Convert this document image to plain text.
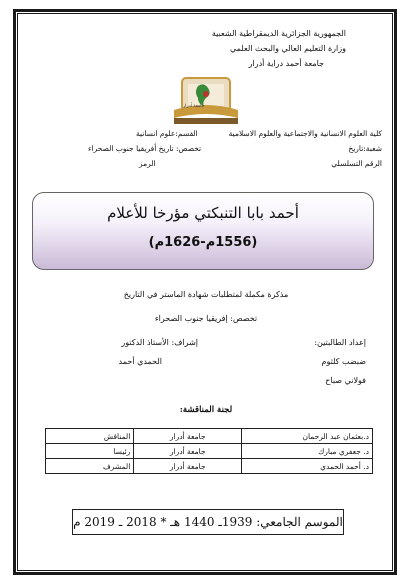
الجمهورية الجزائرية الديمقراطية الشعبية
وزارة التعليم العالي والبحث العلمي
جامعة أحمد دراية أدرار
جامعة أدرار
كلية العلوم الانسانية والاجتماعية والعلوم الاسلامية
القسم:علوم انسانية
شعبة:تاريخ
تخصص: تاريخ أفريقيا جنوب الصحراء
الرقم التسلسلي
الرمز
أحمد بابا التنبكتي مؤرخا للأعلام
(1556م-1626م)
مذكرة مكملة لمتطلبات شهادة الماستر في التاريخ
تخصص: إفريقيا جنوب الصحراء
إعداد الطالبتين:
إشراف: الأستاذ الدكتور
ضبضب كلثوم
الحمدي أحمد
فولاني صباح
لجنة المناقشة:
د.بعثمان عبد الرحمان	جامعة أدرار	المناقش
د. جعفري مبارك	جامعة أدرار	رئيسا
د. أحمد الحمدي	جامعة أدرار	المشرف
الموسم الجامعي: 1939ـ 1440 هـ * 2018 ـ 2019 م
